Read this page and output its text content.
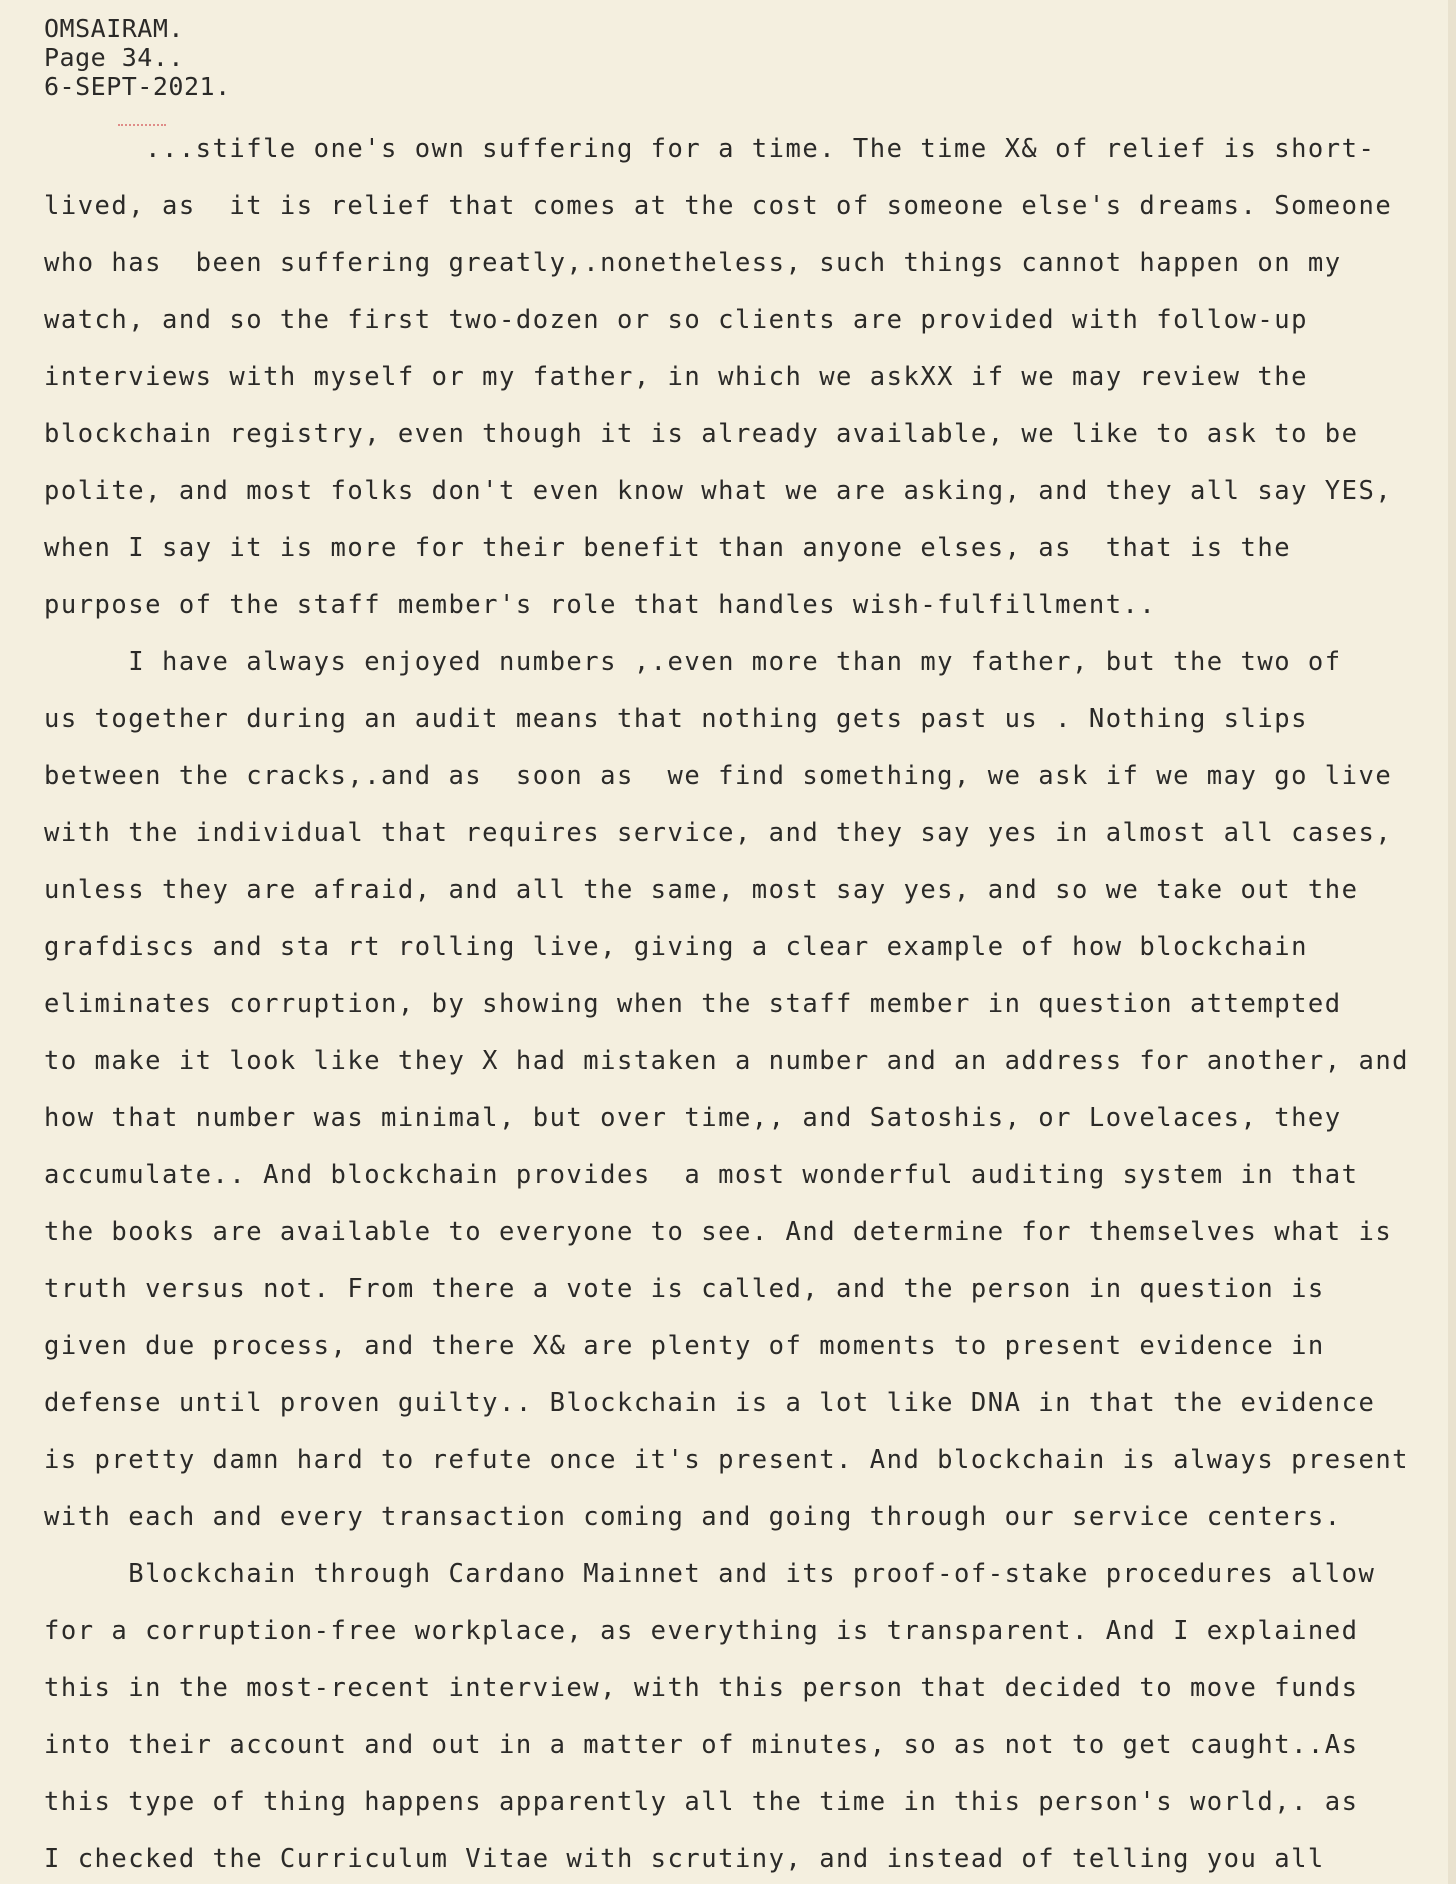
OMSAIRAM.
Page 34..
6-SEPT-2021.
...stifle one's own suffering for a time. The time X& of relief is short-
lived, as  it is relief that comes at the cost of someone else's dreams. Someone
who has  been suffering greatly,.nonetheless, such things cannot happen on my
watch, and so the first two-dozen or so clients are provided with follow-up
interviews with myself or my father, in which we askXX if we may review the
blockchain registry, even though it is already available, we like to ask to be
polite, and most folks don't even know what we are asking, and they all say YES,
when I say it is more for their benefit than anyone elses, as  that is the
purpose of the staff member's role that handles wish-fulfillment..
I have always enjoyed numbers ,.even more than my father, but the two of
us together during an audit means that nothing gets past us . Nothing slips
between the cracks,.and as  soon as  we find something, we ask if we may go live
with the individual that requires service, and they say yes in almost all cases,
unless they are afraid, and all the same, most say yes, and so we take out the
grafdiscs and sta rt rolling live, giving a clear example of how blockchain
eliminates corruption, by showing when the staff member in question attempted
to make it look like they X had mistaken a number and an address for another, and
how that number was minimal, but over time,, and Satoshis, or Lovelaces, they
accumulate.. And blockchain provides  a most wonderful auditing system in that
the books are available to everyone to see. And determine for themselves what is
truth versus not. From there a vote is called, and the person in question is
given due process, and there X& are plenty of moments to present evidence in
defense until proven guilty.. Blockchain is a lot like DNA in that the evidence
is pretty damn hard to refute once it's present. And blockchain is always present
with each and every transaction coming and going through our service centers.
Blockchain through Cardano Mainnet and its proof-of-stake procedures allow
for a corruption-free workplace, as everything is transparent. And I explained
this in the most-recent interview, with this person that decided to move funds
into their account and out in a matter of minutes, so as not to get caught..As
this type of thing happens apparently all the time in this person's world,. as
I checked the Curriculum Vitae with scrutiny, and instead of telling you all
